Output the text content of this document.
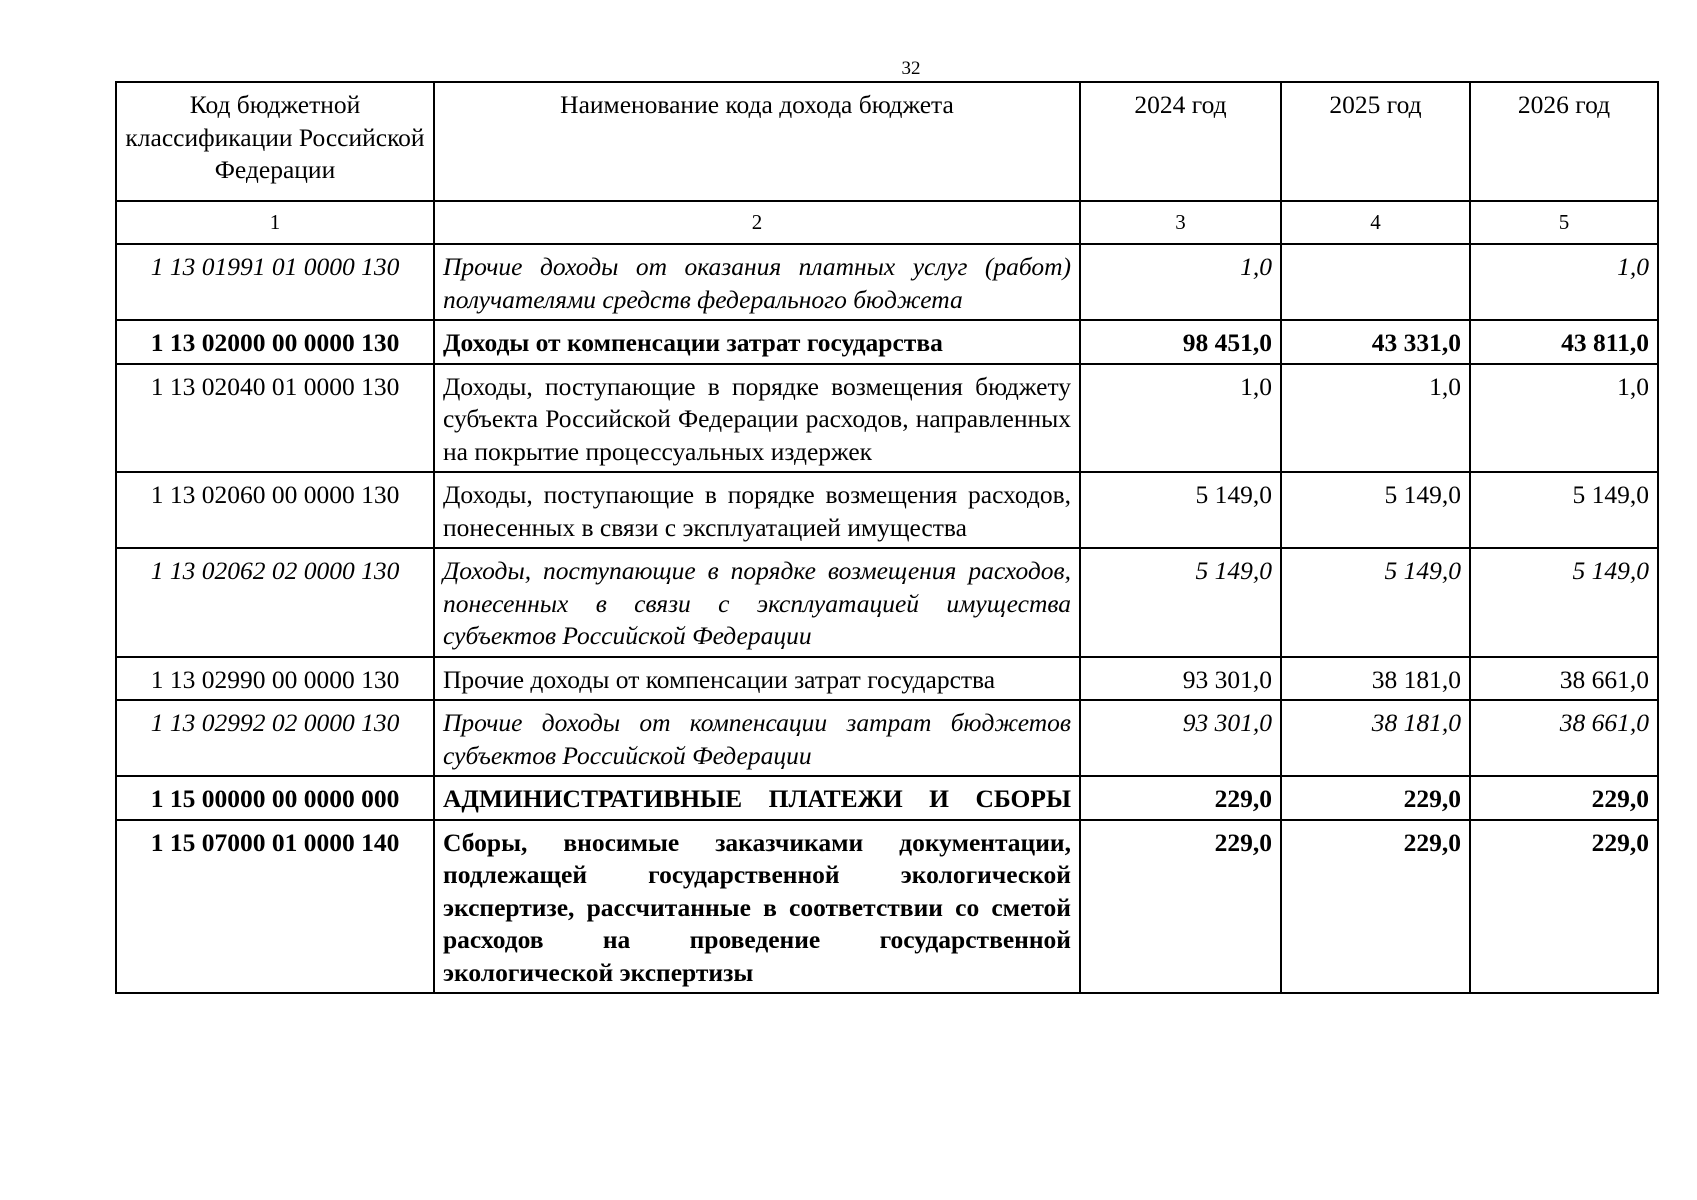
32
Код бюджетной классификации Российской Федерации	Наименование кода дохода бюджета	2024 год	2025 год	2026 год
1	2	3	4	5
1 13 01991 01 0000 130	Прочие доходы от оказания платных услуг (работ) получателями средств федерального бюджета	1,0		1,0
1 13 02000 00 0000 130	Доходы от компенсации затрат государства	98 451,0	43 331,0	43 811,0
1 13 02040 01 0000 130	Доходы, поступающие в порядке возмещения бюджету субъекта Российской Федерации расходов, направленных на покрытие процессуальных издержек	1,0	1,0	1,0
1 13 02060 00 0000 130	Доходы, поступающие в порядке возмещения расходов, понесенных в связи с эксплуатацией имущества	5 149,0	5 149,0	5 149,0
1 13 02062 02 0000 130	Доходы, поступающие в порядке возмещения расходов, понесенных в связи с эксплуатацией имущества субъектов Российской Федерации	5 149,0	5 149,0	5 149,0
1 13 02990 00 0000 130	Прочие доходы от компенсации затрат государства	93 301,0	38 181,0	38 661,0
1 13 02992 02 0000 130	Прочие доходы от компенсации затрат бюджетов субъектов Российской Федерации	93 301,0	38 181,0	38 661,0
1 15 00000 00 0000 000	АДМИНИСТРАТИВНЫЕ ПЛАТЕЖИ И СБОРЫ	229,0	229,0	229,0
1 15 07000 01 0000 140	Сборы, вносимые заказчиками документации, подлежащей государственной экологической экспертизе, рассчитанные в соответствии со сметой расходов на проведение государственной экологической экспертизы	229,0	229,0	229,0
